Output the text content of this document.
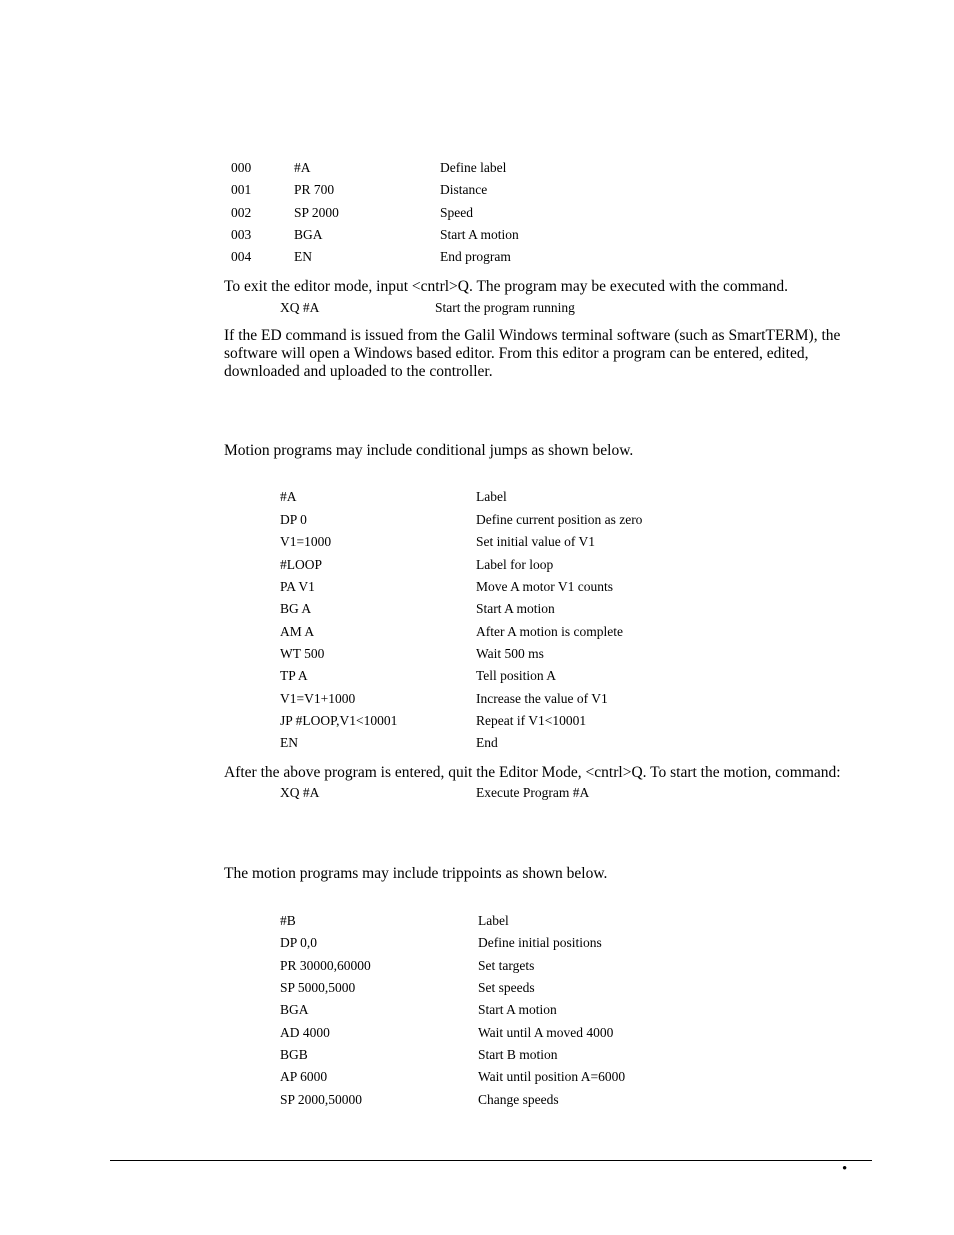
000	#A	Define label
001	PR 700	Distance
002	SP 2000	Speed
003	BGA	Start A motion
004	EN	End program
To exit the editor mode, input <cntrl>Q. The program may be executed with the command.
XQ #A	Start the program running
If the ED command is issued from the Galil Windows terminal software (such as SmartTERM), the software will open a Windows based editor. From this editor a program can be entered, edited, downloaded and uploaded to the controller.
Motion programs may include conditional jumps as shown below.
#A	Label
DP 0	Define current position as zero
V1=1000	Set initial value of V1
#LOOP	Label for loop
PA V1	Move A motor V1 counts
BG A	Start A motion
AM A	After A motion is complete
WT 500	Wait 500 ms
TP A	Tell position A
V1=V1+1000	Increase the value of V1
JP #LOOP,V1<10001	Repeat if V1<10001
EN	End
After the above program is entered, quit the Editor Mode, <cntrl>Q. To start the motion, command:
XQ #A	Execute Program #A
The motion programs may include trippoints as shown below.
#B	Label
DP 0,0	Define initial positions
PR 30000,60000	Set targets
SP 5000,5000	Set speeds
BGA	Start A motion
AD 4000	Wait until A moved 4000
BGB	Start B motion
AP 6000	Wait until position A=6000
SP 2000,50000	Change speeds
•
